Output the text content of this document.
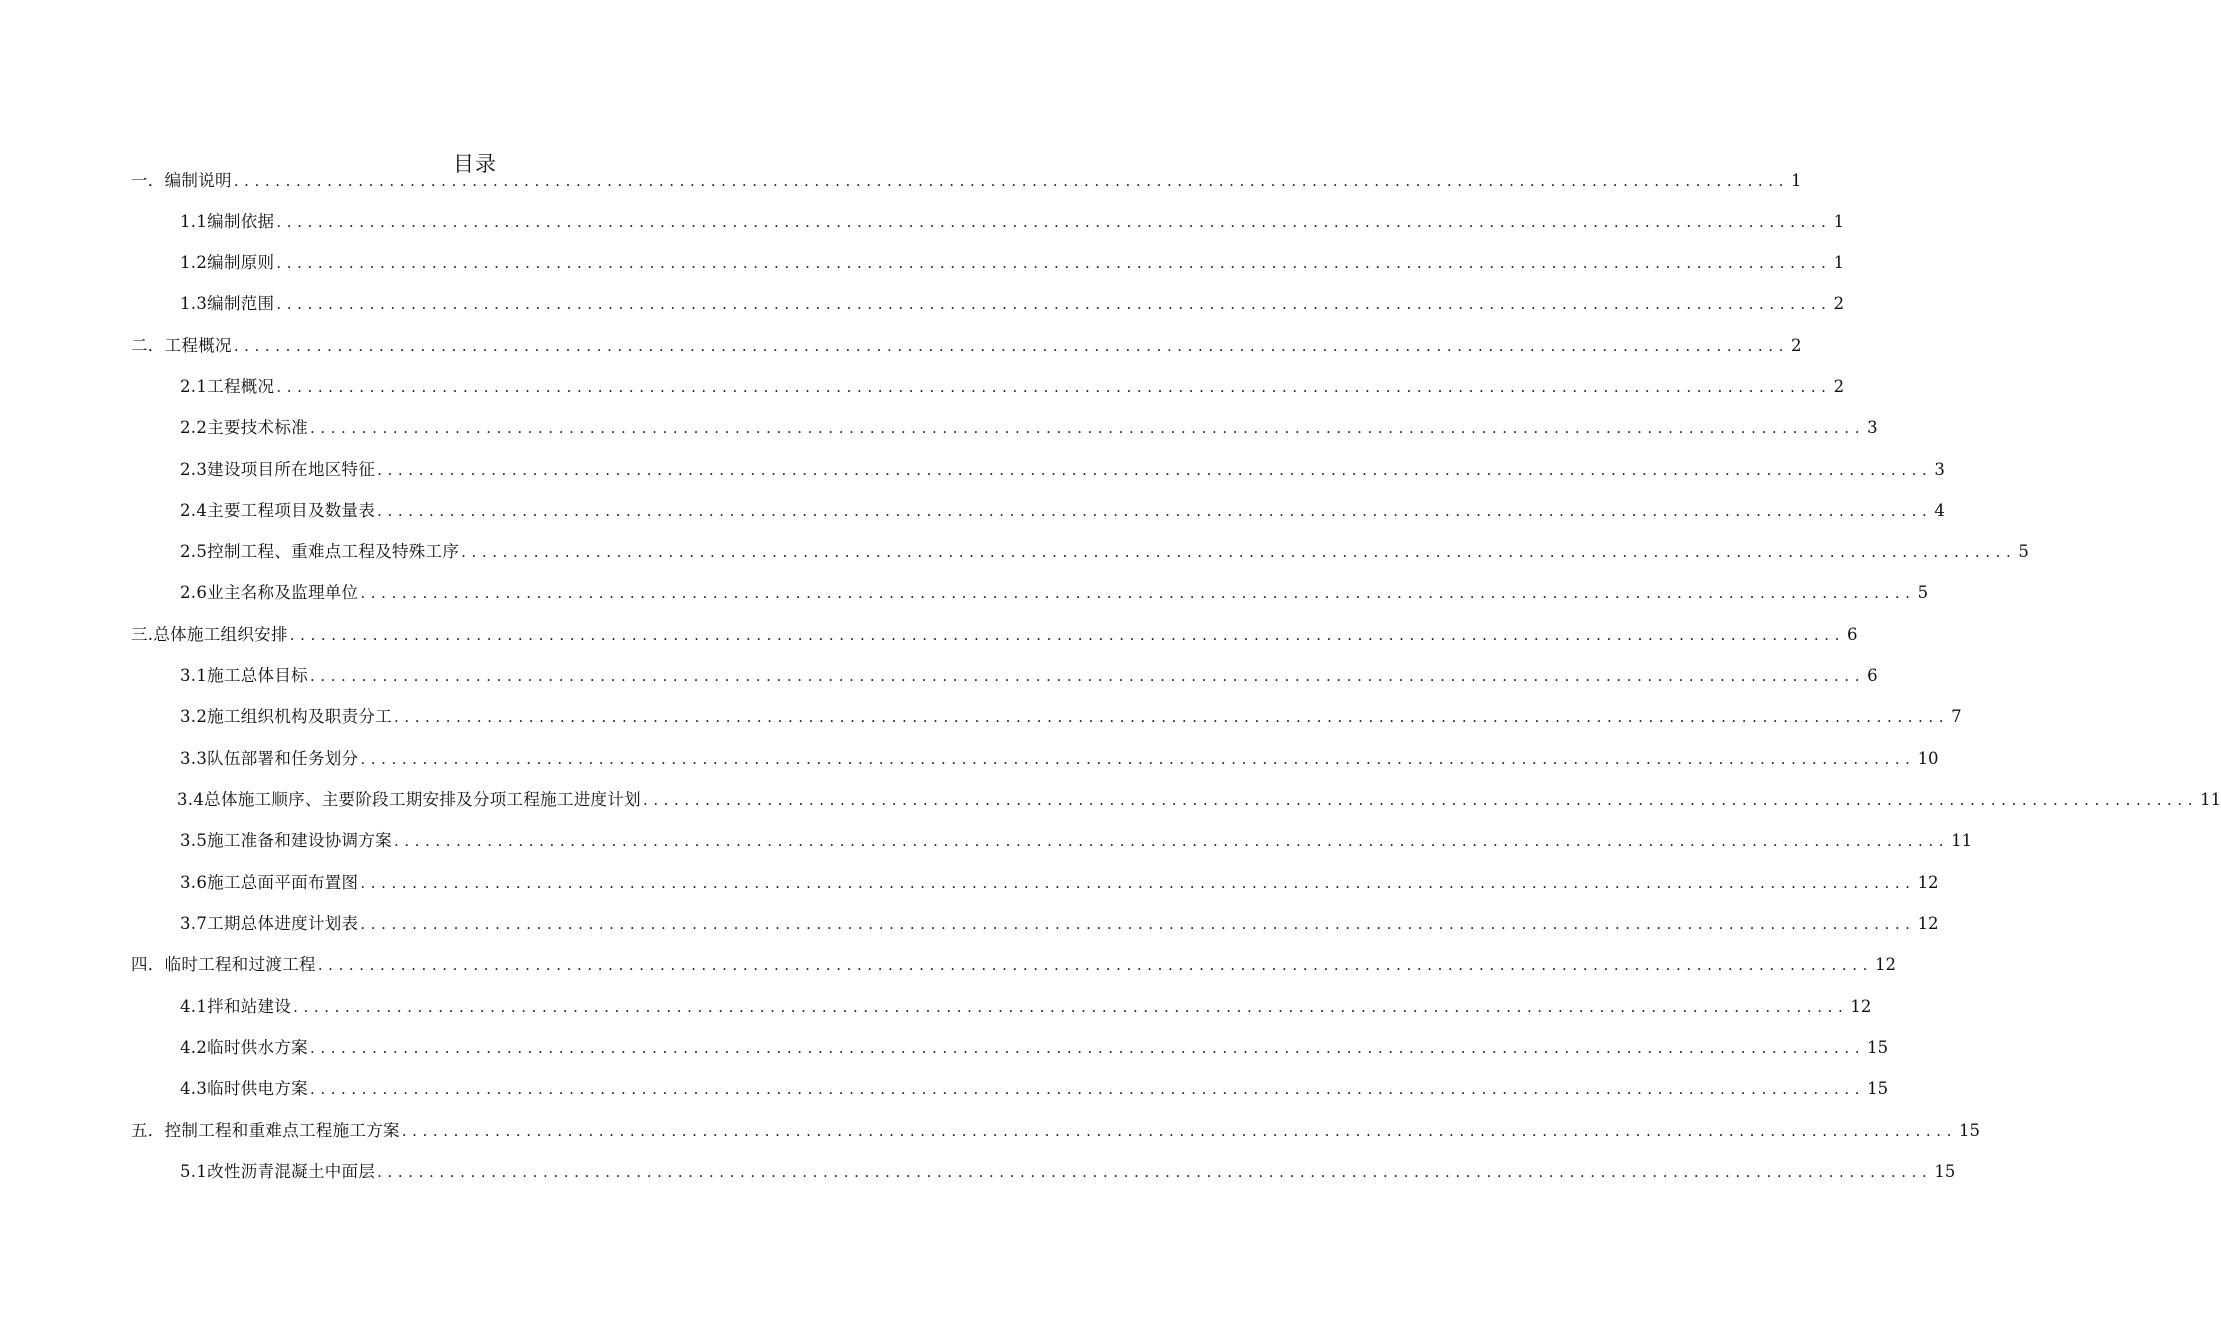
目录
一．编制说明 ...................................................................................................................................................... 1
1.1编制依据 ...................................................................................................................................................... 1
1.2编制原则 ...................................................................................................................................................... 1
1.3编制范围 ...................................................................................................................................................... 2
二．工程概况 ...................................................................................................................................................... 2
2.1工程概况 ...................................................................................................................................................... 2
2.2主要技术标准 ...................................................................................................................................................... 3
2.3建设项目所在地区特征 ...................................................................................................................................................... 3
2.4主要工程项目及数量表 ...................................................................................................................................................... 4
2.5控制工程、重难点工程及特殊工序 ...................................................................................................................................................... 5
2.6业主名称及监理单位 ...................................................................................................................................................... 5
三.总体施工组织安排 ...................................................................................................................................................... 6
3.1施工总体目标 ...................................................................................................................................................... 6
3.2施工组织机构及职责分工 ...................................................................................................................................................... 7
3.3队伍部署和任务划分 ...................................................................................................................................................... 10
3.4总体施工顺序、主要阶段工期安排及分项工程施工进度计划 ...................................................................................................................................................... 11
3.5施工准备和建设协调方案 ...................................................................................................................................................... 11
3.6施工总面平面布置图 ...................................................................................................................................................... 12
3.7工期总体进度计划表 ...................................................................................................................................................... 12
四．临时工程和过渡工程 ...................................................................................................................................................... 12
4.1拌和站建设 ...................................................................................................................................................... 12
4.2临时供水方案 ...................................................................................................................................................... 15
4.3临时供电方案 ...................................................................................................................................................... 15
五．控制工程和重难点工程施工方案 ...................................................................................................................................................... 15
5.1改性沥青混凝土中面层 ...................................................................................................................................................... 15
